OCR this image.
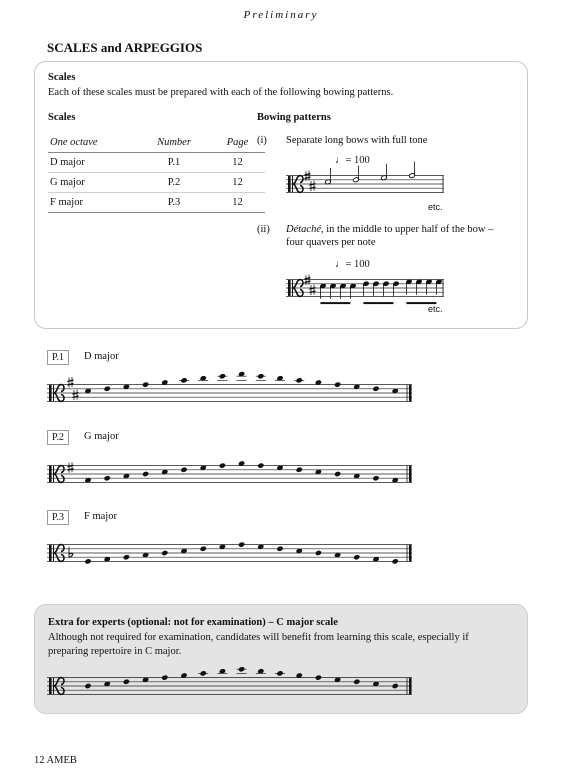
Preliminary
SCALES and ARPEGGIOS
Scales
Each of these scales must be prepared with each of the following bowing patterns.
Scales
One octave	Number	Page
D major	P.1	12
G major	P.2	12
F major	P.3	12
Bowing patterns
(i) Separate long bows with full tone
♩= 100
etc.
(ii) Détaché, in the middle to upper half of the bow –
four quavers per note
♩= 100
etc.
P.1	D major
P.2	G major
P.3	F major
Extra for experts (optional: not for examination) – C major scale
Although not required for examination, candidates will benefit from learning this scale, especially if
preparing repertoire in C major.
12 AMEB
